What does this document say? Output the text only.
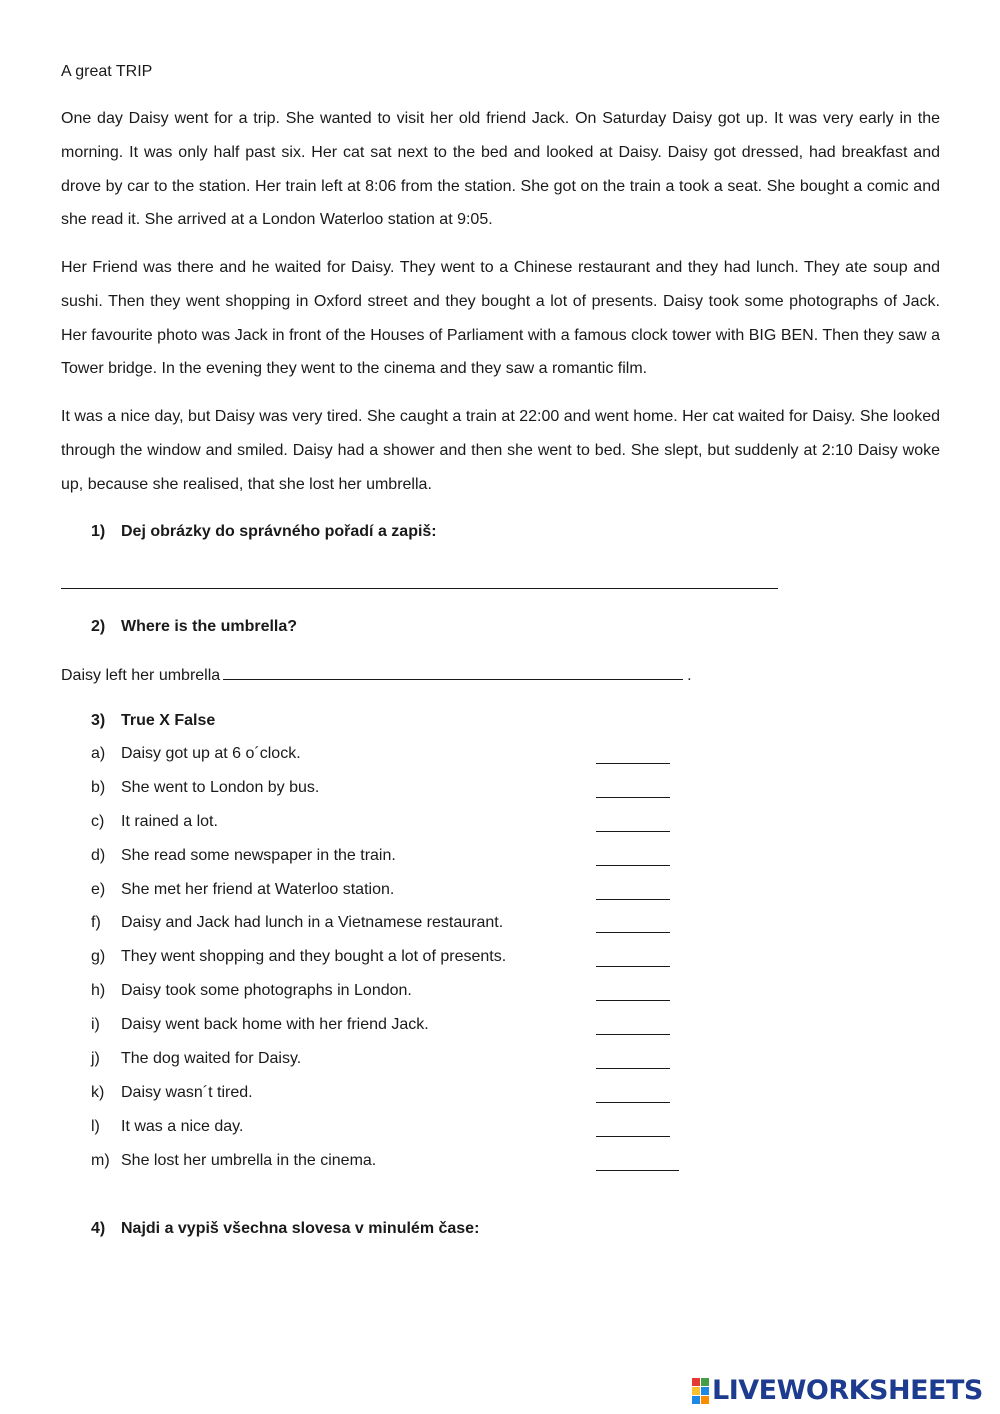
A great TRIP

One day Daisy went for a trip. She wanted to visit her old friend Jack. On Saturday Daisy got up. It was very early in the morning. It was only half past six. Her cat sat next to the bed and looked at Daisy. Daisy got dressed, had breakfast and drove by car to the station. Her train left at 8:06 from the station. She got on the train a took a seat. She bought a comic and she read it. She arrived at a London Waterloo station at 9:05.

Her Friend was there and he waited for Daisy. They went to a Chinese restaurant and they had lunch. They ate soup and sushi. Then they went shopping in Oxford street and they bought a lot of presents. Daisy took some photographs of Jack. Her favourite photo was Jack in front of the Houses of Parliament with a famous clock tower with BIG BEN. Then they saw a Tower bridge. In the evening they went to the cinema and they saw a romantic film.

It was a nice day, but Daisy was very tired. She caught a train at 22:00 and went home. Her cat waited for Daisy. She looked through the window and smiled. Daisy had a shower and then she went to bed. She slept, but suddenly at 2:10 Daisy woke up, because she realised, that she lost her umbrella.

1) Dej obrázky do správného pořadí a zapiš:
2) Where is the umbrella?
Daisy left her umbrella	.
3) True X False
a) Daisy got up at 6 o´clock.
b) She went to London by bus.
c)	It rained a lot.
d) She read some newspaper in the train.
e) She met her friend at Waterloo station.
f)	Daisy and Jack had lunch in a Vietnamese restaurant.
g) They went shopping and they bought a lot of presents.
h) Daisy took some photographs in London.
i)	Daisy went back home with her friend Jack.
j)	The dog waited for Daisy.
k)	Daisy wasn´t tired.
l)	It was a nice day.
m) She lost her umbrella in the cinema.
4) Najdi a vypiš všechna slovesa v minulém čase:
LIVEWORKSHEETS
